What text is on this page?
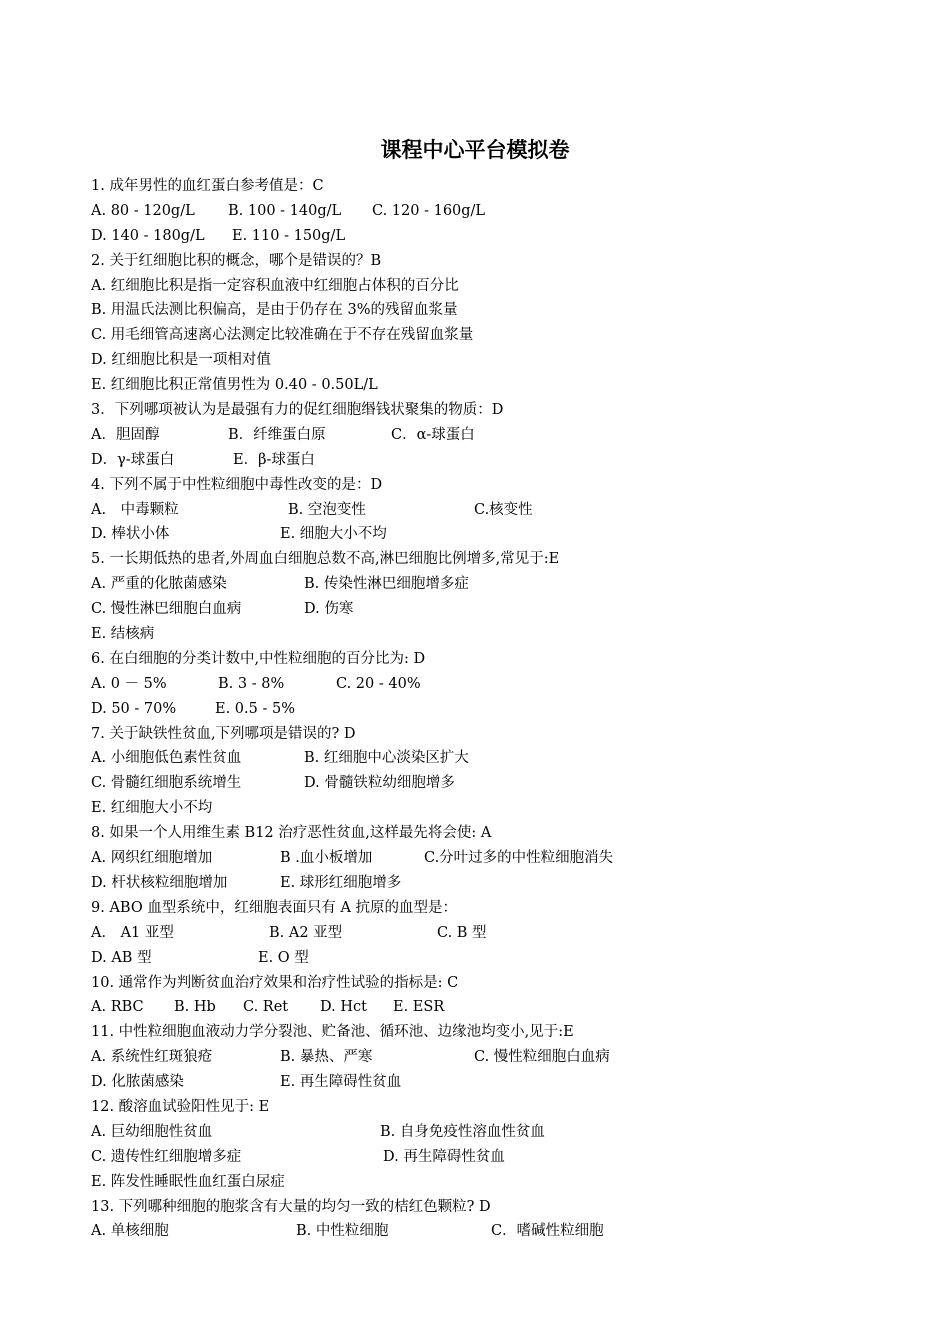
课程中心平台模拟卷
1. 成年男性的血红蛋白参考值是：C
A. 80 - 120g/L B. 100 - 140g/L C. 120 - 160g/L
D. 140 - 180g/L E. 110 - 150g/L
2. 关于红细胞比积的概念，哪个是错误的？B
A. 红细胞比积是指一定容积血液中红细胞占体积的百分比
B. 用温氏法测比积偏高，是由于仍存在 3%的残留血浆量
C. 用毛细管高速离心法测定比较准确在于不存在残留血浆量
D. 红细胞比积是一项相对值
E. 红细胞比积正常值男性为 0.40 - 0.50L/L
3．下列哪项被认为是最强有力的促红细胞缗钱状聚集的物质：D
A．胆固醇	B．纤维蛋白原	C．α-球蛋白
D．γ-球蛋白	E．β-球蛋白
4. 下列不属于中性粒细胞中毒性改变的是：D
A.　中毒颗粒	B. 空泡变性	C.核变性
D. 棒状小体	E. 细胞大小不均
5. 一长期低热的患者,外周血白细胞总数不高,淋巴细胞比例增多,常见于:E
A. 严重的化脓菌感染	B. 传染性淋巴细胞增多症
C. 慢性淋巴细胞白血病	D. 伤寒
E. 结核病
6. 在白细胞的分类计数中,中性粒细胞的百分比为: D
A. 0 － 5%	B. 3 - 8%	C. 20 - 40%
D. 50 - 70%	E. 0.5 - 5%
7. 关于缺铁性贫血,下列哪项是错误的? D
A. 小细胞低色素性贫血	B. 红细胞中心淡染区扩大
C. 骨髓红细胞系统增生	D. 骨髓铁粒幼细胞增多
E. 红细胞大小不均
8. 如果一个人用维生素 B12 治疗恶性贫血,这样最先将会使: A
A. 网织红细胞增加	B .血小板增加	C.分叶过多的中性粒细胞消失
D. 杆状核粒细胞增加	E. 球形红细胞增多
9. ABO 血型系统中，红细胞表面只有 A 抗原的血型是：
A． A1 亚型	B. A2 亚型	C. B 型
D. AB 型	E. O 型
10. 通常作为判断贫血治疗效果和治疗性试验的指标是: C
A. RBC B. Hb C. Ret D. Hct E. ESR
11. 中性粒细胞血液动力学分裂池、贮备池、循环池、边缘池均变小,见于:E
A. 系统性红斑狼疮	B. 暴热、严寒	C. 慢性粒细胞白血病
D. 化脓菌感染	E. 再生障碍性贫血
12. 酸溶血试验阳性见于: E
A. 巨幼细胞性贫血	B. 自身免疫性溶血性贫血
C. 遗传性红细胞增多症	D. 再生障碍性贫血
E. 阵发性睡眠性血红蛋白尿症
13. 下列哪种细胞的胞浆含有大量的均匀一致的桔红色颗粒? D
A. 单核细胞	B. 中性粒细胞	C．嗜碱性粒细胞
